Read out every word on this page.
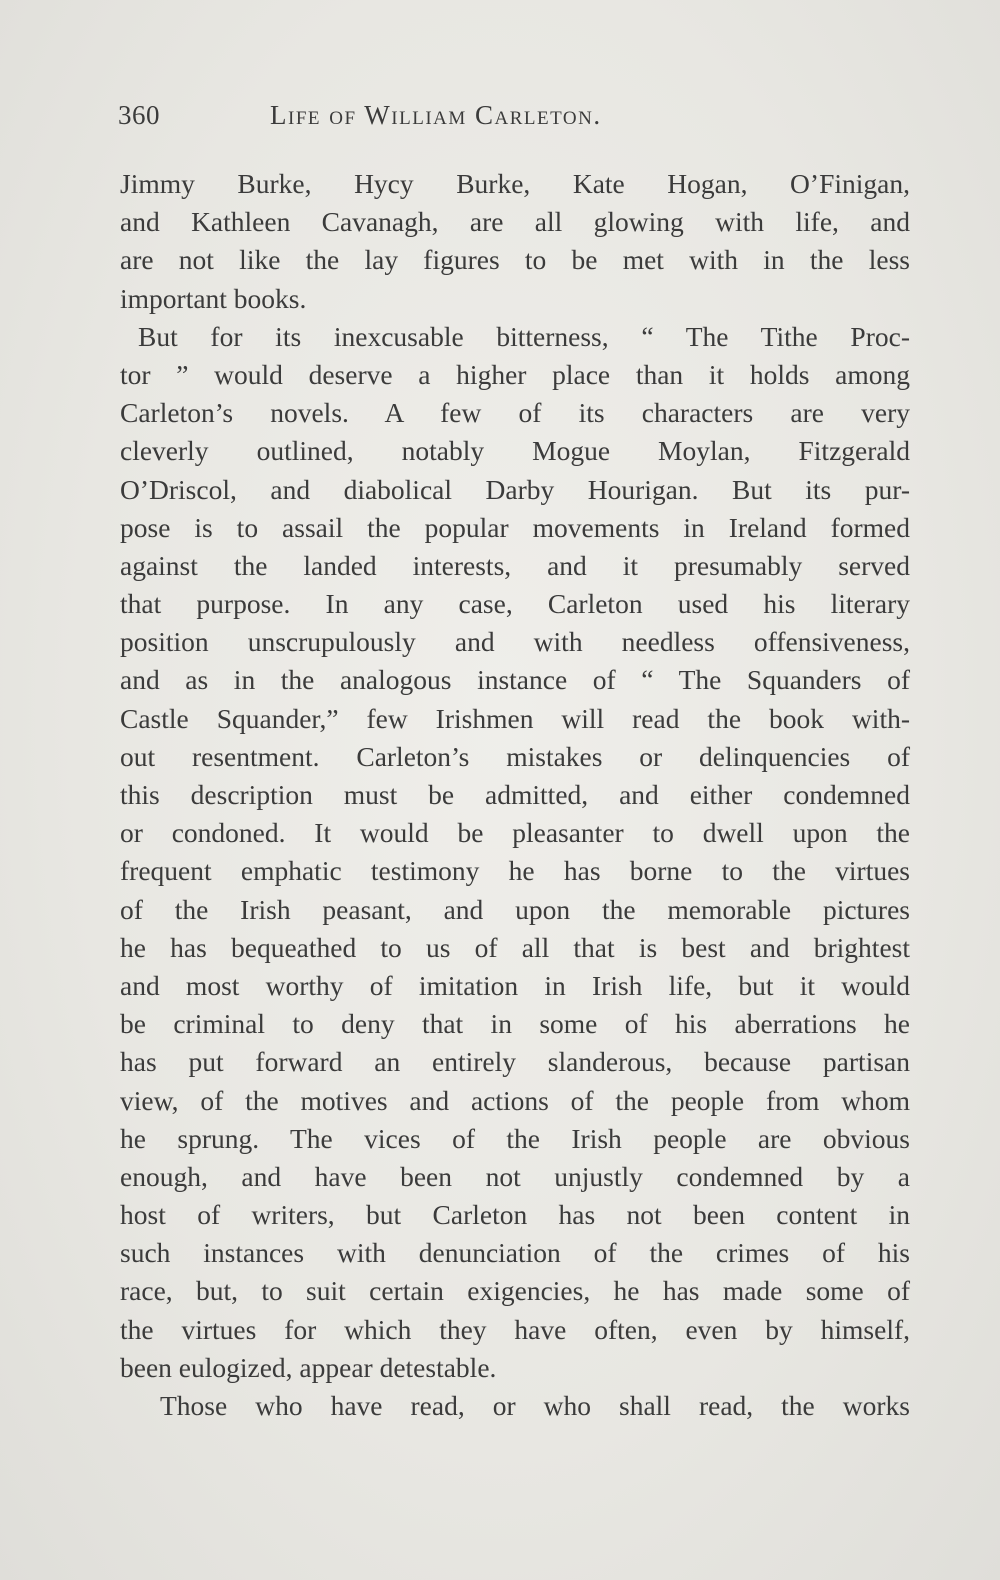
360	Life of William Carleton.
Jimmy Burke, Hycy Burke, Kate Hogan, O’Finigan,
and Kathleen Cavanagh, are all glowing with life, and
are not like the lay figures to be met with in the less
important books.
But for its inexcusable bitterness, “ The Tithe Proc-
tor ” would deserve a higher place than it holds among
Carleton’s novels. A few of its characters are very
cleverly outlined, notably Mogue Moylan, Fitzgerald
O’Driscol, and diabolical Darby Hourigan. But its pur-
pose is to assail the popular movements in Ireland formed
against the landed interests, and it presumably served
that purpose. In any case, Carleton used his literary
position unscrupulously and with needless offensiveness,
and as in the analogous instance of “ The Squanders of
Castle Squander,” few Irishmen will read the book with-
out resentment. Carleton’s mistakes or delinquencies of
this description must be admitted, and either condemned
or condoned. It would be pleasanter to dwell upon the
frequent emphatic testimony he has borne to the virtues
of the Irish peasant, and upon the memorable pictures
he has bequeathed to us of all that is best and brightest
and most worthy of imitation in Irish life, but it would
be criminal to deny that in some of his aberrations he
has put forward an entirely slanderous, because partisan
view, of the motives and actions of the people from whom
he sprung. The vices of the Irish people are obvious
enough, and have been not unjustly condemned by a
host of writers, but Carleton has not been content in
such instances with denunciation of the crimes of his
race, but, to suit certain exigencies, he has made some of
the virtues for which they have often, even by himself,
been eulogized, appear detestable.
Those who have read, or who shall read, the works
